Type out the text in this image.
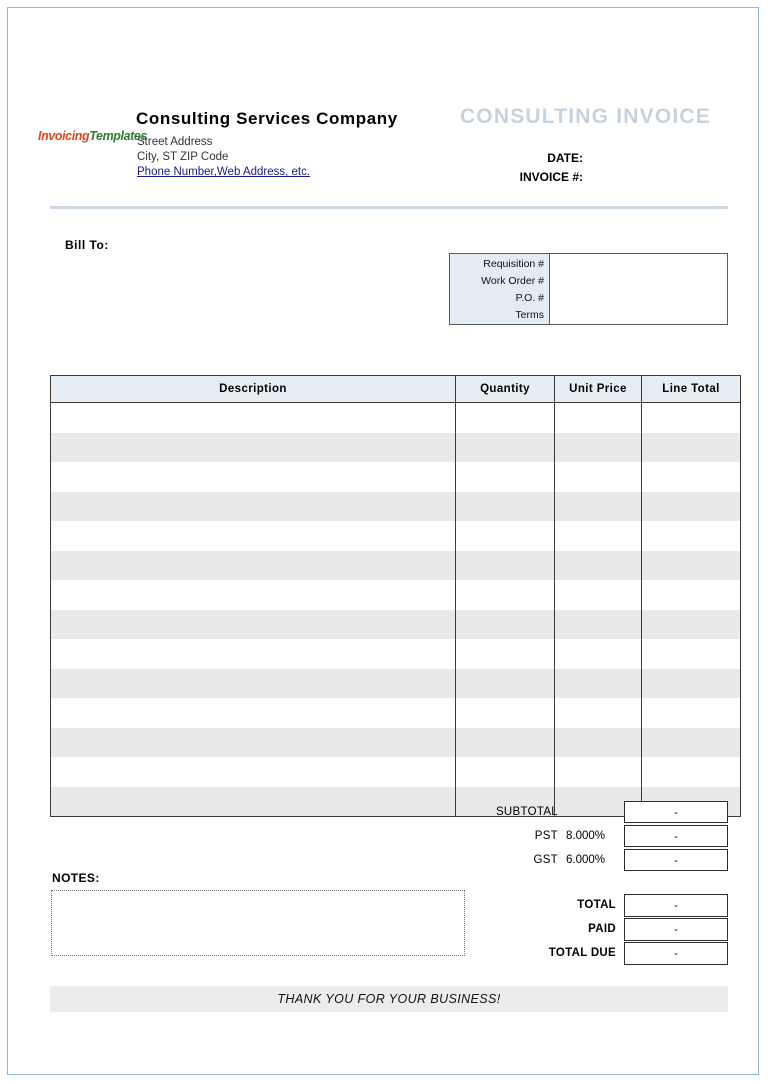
InvoicingTemplates
Consulting Services Company
Street Address
City, ST ZIP Code
Phone Number,Web Address, etc.
CONSULTING INVOICE
DATE:
INVOICE #:
Bill To:
Requisition #
Work Order #
P.O. #
Terms
Description	Quantity	Unit Price	Line Total

SUBTOTAL	-
PST 8.000%	-
GST 6.000%	-
NOTES:
TOTAL	-
PAID	-
TOTAL DUE	-
THANK YOU FOR YOUR BUSINESS!
